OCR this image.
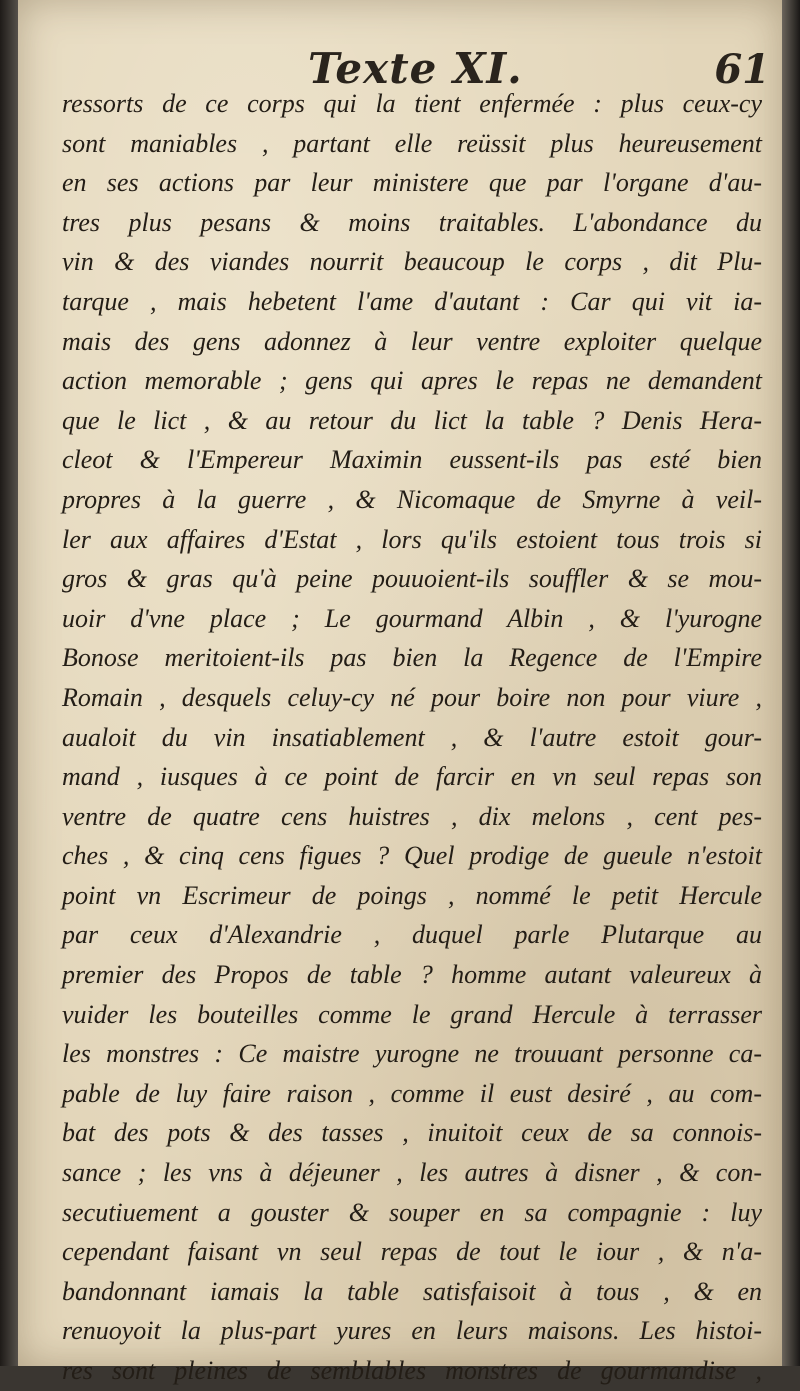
Texte XI.	61
ressorts de ce corps qui la tient enfermée : plus ceux-cy
sont maniables , partant elle reüssit plus heureusement
en ses actions par leur ministere que par l'organe d'au-
tres plus pesans & moins traitables. L'abondance du
vin & des viandes nourrit beaucoup le corps , dit Plu-
tarque , mais hebetent l'ame d'autant : Car qui vit ia-
mais des gens adonnez à leur ventre exploiter quelque
action memorable ; gens qui apres le repas ne demandent
que le lict , & au retour du lict la table ? Denis Hera-
cleot & l'Empereur Maximin eussent-ils pas esté bien
propres à la guerre , & Nicomaque de Smyrne à veil-
ler aux affaires d'Estat , lors qu'ils estoient tous trois si
gros & gras qu'à peine pouuoient-ils souffler & se mou-
uoir d'vne place ; Le gourmand Albin , & l'yurogne
Bonose meritoient-ils pas bien la Regence de l'Empire
Romain , desquels celuy-cy né pour boire non pour viure ,
aualoit du vin insatiablement , & l'autre estoit gour-
mand , iusques à ce point de farcir en vn seul repas son
ventre de quatre cens huistres , dix melons , cent pes-
ches , & cinq cens figues ? Quel prodige de gueule n'estoit
point vn Escrimeur de poings , nommé le petit Hercule
par ceux d'Alexandrie , duquel parle Plutarque au
premier des Propos de table ? homme autant valeureux à
vuider les bouteilles comme le grand Hercule à terrasser
les monstres : Ce maistre yurogne ne trouuant personne ca-
pable de luy faire raison , comme il eust desiré , au com-
bat des pots & des tasses , inuitoit ceux de sa connois-
sance ; les vns à déjeuner , les autres à disner , & con-
secutiuement a gouster & souper en sa compagnie : luy
cependant faisant vn seul repas de tout le iour , & n'a-
bandonnant iamais la table satisfaisoit à tous , & en
renuoyoit la plus-part yures en leurs maisons. Les histoi-
res sont pleines de semblables monstres de gourmandise ,
